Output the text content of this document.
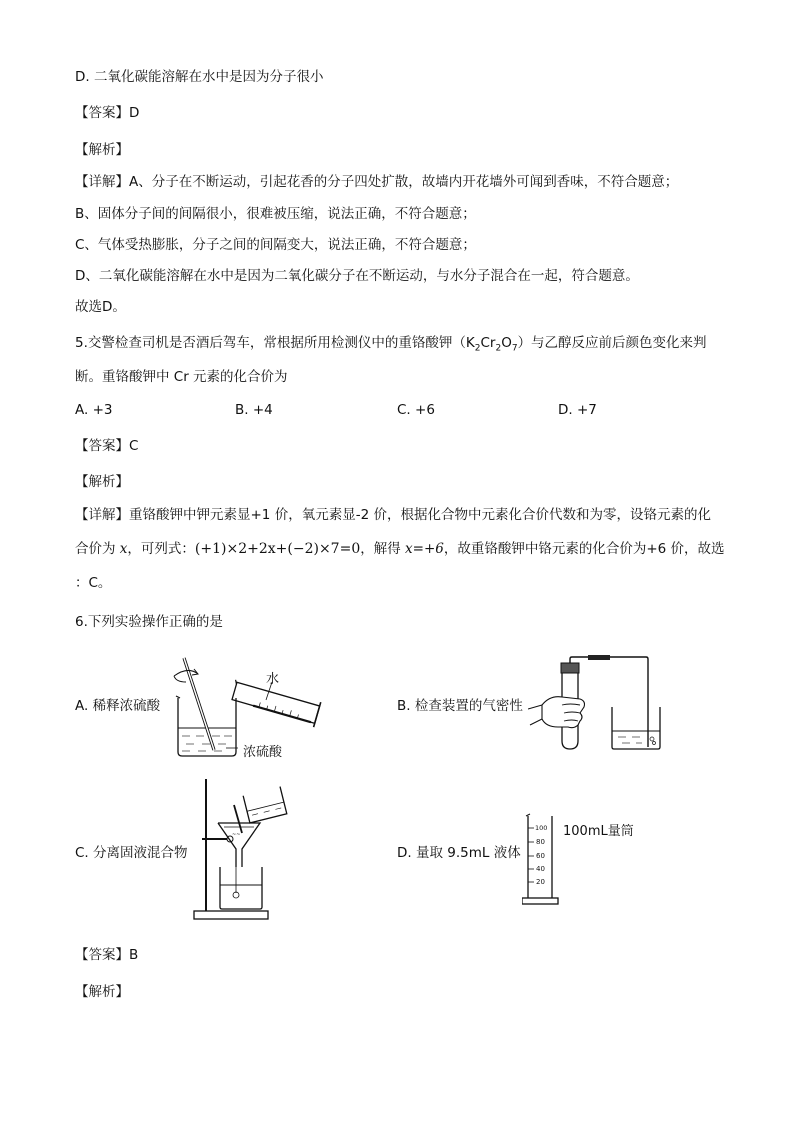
D. 二氧化碳能溶解在水中是因为分子很小
【答案】D
【解析】
【详解】A、分子在不断运动，引起花香的分子四处扩散，故墙内开花墙外可闻到香味，不符合题意；
B、固体分子间的间隔很小，很难被压缩，说法正确，不符合题意；
C、气体受热膨胀，分子之间的间隔变大，说法正确，不符合题意；
D、二氧化碳能溶解在水中是因为二氧化碳分子在不断运动，与水分子混合在一起，符合题意。
故选D。
5.交警检查司机是否酒后驾车，常根据所用检测仪中的重铬酸钾$(K_2Cr_2O_7)$与乙醇反应前后颜色变化来判
断。重铬酸钾中 Cr 元素的化合价为
A. +3	B. +4	C. +6	D. +7
【答案】C
【解析】
【详解】重铬酸钾中钾元素显+1 价，氧元素显-2 价，根据化合物中元素化合价代数和为零，设铬元素的化
合价为 x，可列式：(+1)×2+2x+(−2)×7=0，解得 x=+6，故重铬酸钾中铬元素的化合价为+6 价，故选
：C。
6.下列实验操作正确的是
A. 稀释浓硫酸	B. 检查装置的气密性
C. 分离固液混合物	D. 量取 9.5mL 液体
水
浓硫酸
~~
100
80
60
40
20
100mL量筒
【答案】B
【解析】
